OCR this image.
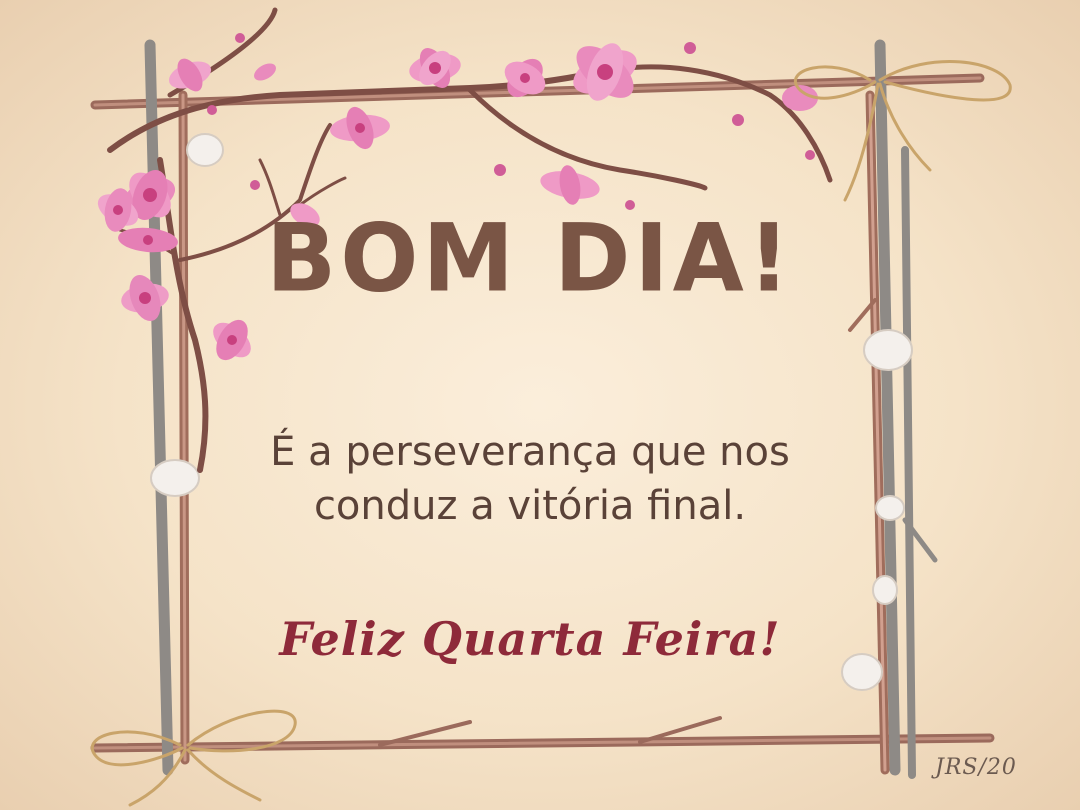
BOM DIA!
É a perseverança que nos
conduz a vitória final.
Feliz Quarta Feira!
JRS/20
